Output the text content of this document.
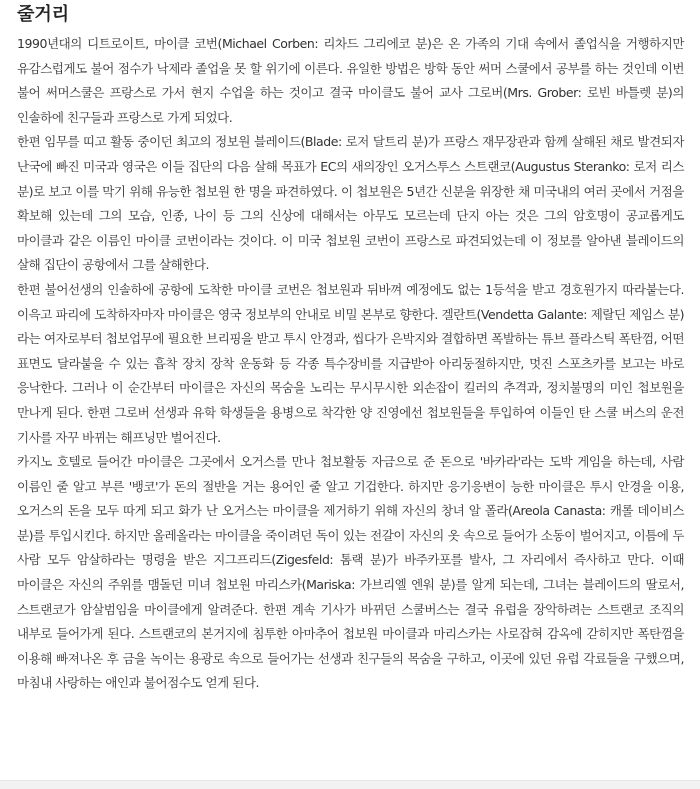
줄거리

1990년대의 디트로이트, 마이클 코번(Michael Corben: 리차드 그리에코 분)은 온 가족의 기대 속에서 졸업식을 거행하지만 유감스럽게도 불어 점수가 낙제라 졸업을 못 할 위기에 이른다. 유일한 방법은 방학 동안 써머 스쿨에서 공부를 하는 것인데 이번 불어 써머스쿨은 프랑스로 가서 현지 수업을 하는 것이고 결국 마이클도 불어 교사 그로버(Mrs. Grober: 로빈 바틀렛 분)의 인솔하에 친구들과 프랑스로 가게 되었다.

한편 임무를 띠고 활동 중이던 최고의 정보원 블레이드(Blade: 로저 달트리 분)가 프랑스 재무장관과 함께 살해된 채로 발견되자 난국에 빠진 미국과 영국은 이들 집단의 다음 살해 목표가 EC의 새의장인 오거스투스 스트랜코(Augustus Steranko: 로저 리스 분)로 보고 이를 막기 위해 유능한 첩보원 한 명을 파견하였다. 이 첩보원은 5년간 신분을 위장한 채 미국내의 여러 곳에서 거점을 확보해 있는데 그의 모습, 인종, 나이 등 그의 신상에 대해서는 아무도 모르는데 단지 아는 것은 그의 암호명이 공교롭게도 마이클과 같은 이름인 마이클 코번이라는 것이다. 이 미국 첩보원 코번이 프랑스로 파견되었는데 이 정보를 알아낸 블레이드의 살해 집단이 공항에서 그를 살해한다.

한편 불어선생의 인솔하에 공항에 도착한 마이클 코번은 첩보원과 뒤바껴 예정에도 없는 1등석을 받고 경호원가지 따라붙는다. 이윽고 파리에 도착하자마자 마이클은 영국 정보부의 안내로 비밀 본부로 향한다. 겔란트(Vendetta Galante: 제랄딘 제임스 분)라는 여자로부터 첩보업무에 필요한 브리핑을 받고 투시 안경과, 씹다가 은박지와 결합하면 폭발하는 튜브 플라스틱 폭탄껌, 어떤 표면도 달라붙을 수 있는 흡착 장치 장착 운동화 등 각종 특수장비를 지급받아 아리둥절하지만, 멋진 스포츠카를 보고는 바로 응낙한다. 그러나 이 순간부터 마이클은 자신의 목숨을 노리는 무시무시한 외손잡이 킬러의 추격과, 정치불명의 미인 첩보원을 만나게 된다. 한편 그로버 선생과 유학 학생들을 용병으로 착각한 양 진영에선 첩보원들을 투입하여 이들인 탄 스쿨 버스의 운전 기사를 자꾸 바뀌는 해프닝만 벌어진다.

카지노 호텔로 들어간 마이클은 그곳에서 오거스를 만나 첩보활동 자금으로 준 돈으로 '바카라'라는 도박 게임을 하는데, 사람 이름인 줄 알고 부른 '뱅코'가 돈의 절반을 거는 용어인 줄 알고 기겁한다. 하지만 응기응변이 능한 마이클은 투시 안경을 이용, 오거스의 돈을 모두 따게 되고 화가 난 오거스는 마이클을 제거하기 위해 자신의 창녀 알 폴라(Areola Canasta: 캐롤 데이비스 분)를 투입시킨다. 하지만 올레올라는 마이클을 죽이려던 독이 있는 전갈이 자신의 옷 속으로 들어가 소동이 벌어지고, 이틈에 두 사람 모두 암살하라는 명령을 받은 지그프리드(Zigesfeld: 톰랙 분)가 바주카포를 발사, 그 자리에서 즉사하고 만다. 이때 마이클은 자신의 주위를 맴돌던 미녀 첩보원 마리스카(Mariska: 가브리엘 엔워 분)를 알게 되는데, 그녀는 블레이드의 딸로서, 스트랜코가 암살범임을 마이클에게 알려준다. 한편 계속 기사가 바뀌던 스쿨버스는 결국 유럽을 장악하려는 스트랜코 조직의 내부로 들어가게 된다. 스트랜코의 본거지에 침투한 아마추어 첩보원 마이클과 마리스카는 사로잡혀 감옥에 갇히지만 폭탄껌을 이용해 빠져나온 후 금을 녹이는 용광로 속으로 들어가는 선생과 친구들의 목숨을 구하고, 이곳에 있던 유럽 각료들을 구했으며, 마침내 사랑하는 애인과 불어점수도 얻게 된다.
